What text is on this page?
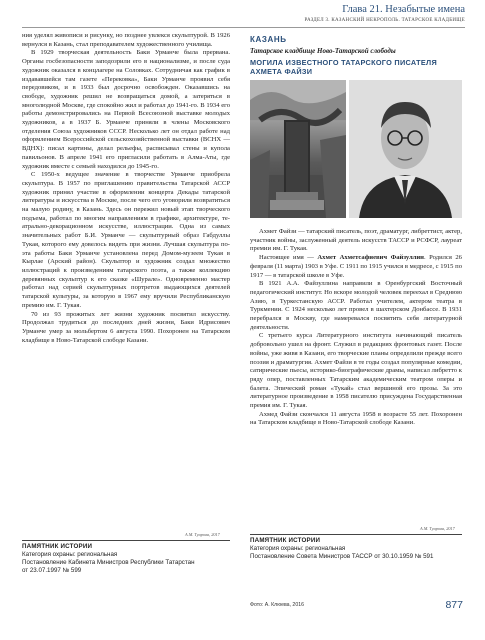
Глава 21. Незабытые имена
РАЗДЕЛ 3. КАЗАНСКИЙ НЕКРОПОЛЬ. ТАТАРСКОЕ КЛАДБИЩЕ

ния уделял живописи и рисунку, но позднее увлекся скульптурой. В 1926 вернулся в Казань, стал преподавателем художественного училища.

В 1929 творческая деятельность Баки Урманче была прервана. Органы госбезопасности заподозрили его в национализме, и после суда художник оказался в концлагере на Соловках. Сотрудничая как график в издававшейся там газете «Перековка», Баки Урманче проявил себя передовиком, и в 1933 был досрочно освобожден. Оказавшись на свободе, художник решил не возвращаться домой, а затеряться в многолюдной Москве, где спокойно жил и работал до 1941-го. В 1934 его работы демонстрировались на Первой Всесоюзной выставке молодых художников, а в 1937 Б. Урманче приняли в члены Московского отделения Союза художников СССР. Несколько лет он отдал работе над оформлением Всероссийской сельскохозяйственной выставки (ВСНХ — ВДНХ): писал картины, делал рельефы, расписывал стены и купола павильонов. В апреле 1941 его пригласили работать в Алма-Аты, где художник вместе с семьей находился до 1945-го.

С 1950-х ведущее значение в творчестве Урманче приобрела скульптура. В 1957 по приглашению правительства Татарской АССР художник принял участие в оформлении концерта Декады татарской литературы и искусства в Москве, после чего его уговорили возвратиться на малую родину, в Казань. Здесь он пережил новый этап творческого подъема, работал по многим направлениям в графике, архитектуре, театрально-декорационном искусстве, иллюстрации. Одна из самых значительных работ Б.И. Урманче — скульптурный образ Габдуллы Тукая, которого ему довелось видеть при жизни. Лучшая скульптура поэта работы Баки Урманче установлена перед Домом-музеем Тукая в Кырлае (Арский район). Скульптор и художник создал множество иллюстраций к произведениям татарского поэта, а также коллекцию деревянных скульптур к его сказке «Шурале». Одновременно мастер работал над серией скульптурных портретов выдающихся деятелей татарской культуры, за которую в 1967 ему вручили Республиканскую премию им. Г. Тукая.

70 из 93 прожитых лет жизни художник посвятил искусству. Продолжал трудиться до последних дней жизни, Баки Идрисович Урманче умер за мольбертом 6 августа 1990. Похоронен на Татарском кладбище в Ново-Татарской слободе Казани.

А.М. Туарова, 2017
ПАМЯТНИК ИСТОРИИ
Категория охраны: региональная
Постановление Кабинета Министров Республики Татарстан
от 23.07.1997 № 599
КАЗАНЬ
Татарское кладбище Ново-Татарской слободы
МОГИЛА ИЗВЕСТНОГО ТАТАРСКОГО ПИСАТЕЛЯ АХМЕТА ФАЙЗИ

Ахмет Файзи — татарский писатель, поэт, драматург, либреттист, актер, участник войны, заслуженный деятель искусств ТАССР и РСФСР, лауреат премии им. Г. Тукая.

Настоящее имя — Ахмет Ахметсафиевич Файзуллин. Родился 26 февраля (11 марта) 1903 в Уфе. С 1911 по 1915 учился в медресе, с 1915 по 1917 — в татарской школе в Уфе.

В 1921 А.А. Файзуллина направили в Оренбургский Восточный педагогический институт. Но вскоре молодой человек переехал в Среднюю Азию, в Туркестанскую АССР. Работал учителем, актером театра в Туркмении. С 1924 несколько лет провел в шахтерском Донбассе. В 1931 перебрался в Москву, где намеревался посвятить себя литературной деятельности.

С третьего курса Литературного института начинающий писатель добровольно ушел на фронт. Служил в редакциях фронтовых газет. После войны, уже живя в Казани, его творческие планы определили прежде всего поэзия и драматургия. Ахмет Файзи в те годы создал популярные комедии, сатирические пьесы, историко-биографические драмы, написал либретто к ряду опер, поставленных Татарским академическим театром оперы и балета. Эпический роман «Тукай» стал вершиной его прозы. За это литературное произведение в 1958 писателю присуждена Государственная премия им. Г. Тукая.

Ахмед Файзи скончался 11 августа 1958 в возрасте 55 лет. Похоронен на Татарском кладбище в Ново-Татарской слободе Казани.

А.М. Туарова, 2017
ПАМЯТНИК ИСТОРИИ
Категория охраны: региональная
Постановление Совета Министров ТАССР от 30.10.1959 № 591
Фото: А. Клюева, 2016	877
